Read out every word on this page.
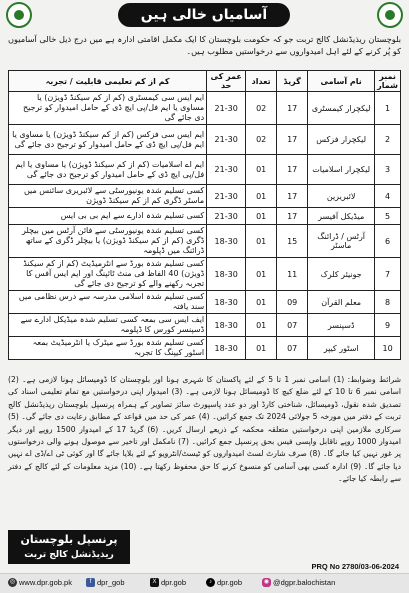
آسامیاں خالی ہیں
بلوچستان ریذیڈنشل کالج تربت جو کہ حکومت بلوچستان کا ایک مکمل اقامتی ادارہ ہے میں درج ذیل خالی آسامیوں کو پُر کرنے کے لئے اہل امیدواروں سے درخواستیں مطلوب ہیں۔
نمبر شمار	نام آسامی	گریڈ	تعداد	عمر کی حد	کم از کم تعلیمی قابلیت / تجربہ
1	لیکچرار کیمسٹری	17	02	21-30	ایم ایس سی کیمسٹری (کم از کم سیکنڈ ڈویژن) یا مساوی یا ایم فل/پی ایچ ڈی کے حامل امیدوار کو ترجیح دی جائے گی
2	لیکچرار فزکس	17	02	21-30	ایم ایس سی فزکس (کم از کم سیکنڈ ڈویژن) یا مساوی یا ایم فل/پی ایچ ڈی کے حامل امیدوار کو ترجیح دی جائے گی
3	لیکچرار اسلامیات	17	01	21-30	ایم اے اسلامیات (کم از کم سیکنڈ ڈویژن) یا مساوی یا ایم فل/پی ایچ ڈی کے حامل امیدوار کو ترجیح دی جائے گی
4	لائبریرین	17	01	21-30	کسی تسلیم شدہ یونیورسٹی سے لائبریری سائنس میں ماسٹر ڈگری کم از کم سیکنڈ ڈویژن
5	میڈیکل آفیسر	17	01	21-30	کسی تسلیم شدہ ادارے سے ایم بی بی ایس
6	آرٹس / ڈرائنگ ماسٹر	15	01	18-30	کسی تسلیم شدہ یونیورسٹی سے فائن آرٹس میں بیچلر ڈگری (کم از کم سیکنڈ ڈویژن) یا بیچلر ڈگری کے ساتھ ڈرائنگ میں ڈپلومہ
7	جونیئر کلرک	11	01	18-30	کسی تسلیم شدہ بورڈ سے انٹرمیڈیٹ (کم از کم سیکنڈ ڈویژن) 40 الفاظ فی منٹ ٹائپنگ اور ایم ایس آفس کا تجربہ رکھنے والے کو ترجیح دی جائے گی
8	معلم القرآن	09	01	18-30	کسی تسلیم شدہ اسلامی مدرسہ سے درس نظامی میں سند یافتہ
9	ڈسپنسر	07	01	18-30	ایف ایس سی بمعہ کسی تسلیم شدہ میڈیکل ادارے سے ڈسپنسر کورس کا ڈپلومہ
10	اسٹور کیپر	07	01	18-30	کسی تسلیم شدہ بورڈ سے میٹرک یا انٹرمیڈیٹ بمعہ اسٹور کیپنگ کا تجربہ
شرائط وضوابط: (1) اسامی نمبر 1 تا 5 کے لئے پاکستان کا شہری ہونا اور بلوچستان کا ڈومیسائل ہونا لازمی ہے۔ (2) اسامی نمبر 6 تا 10 کے لئے ضلع کیچ کا ڈومیسائل ہونا لازمی ہے۔ (3) امیدوار اپنی درخواستیں مع تمام تعلیمی اسناد کی تصدیق شدہ نقول، ڈومیسائل، شناختی کارڈ اور دو عدد پاسپورٹ سائز تصاویر کے ہمراہ پرنسپل بلوچستان ریذیڈنشل کالج تربت کے دفتر میں مورخہ 5 جولائی 2024 تک جمع کرائیں۔ (4) عمر کی حد میں قواعد کے مطابق رعایت دی جائے گی۔ (5) سرکاری ملازمین اپنی درخواستیں متعلقہ محکمہ کے ذریعے ارسال کریں۔ (6) گریڈ 17 کے امیدوار 1500 روپے اور دیگر امیدوار 1000 روپے ناقابل واپسی فیس بحق پرنسپل جمع کرائیں۔ (7) نامکمل اور تاخیر سے موصول ہونے والی درخواستوں پر غور نہیں کیا جائے گا۔ (8) صرف شارٹ لسٹ امیدواروں کو ٹیسٹ/انٹرویو کے لئے بلایا جائے گا اور کوئی ٹی اے/ڈی اے نہیں دیا جائے گا۔ (9) ادارہ کسی بھی آسامی کو منسوخ کرنے کا حق محفوظ رکھتا ہے۔ (10) مزید معلومات کے لئے کالج کے دفتر سے رابطہ کیا جائے۔
پرنسپل بلوچستان
ریذیڈنشل کالج تربت
PRQ No 2780/03-06-2024
◎ www.dpr.gob.pk	f dpr_gob	X dpr.gob	♪ dpr.gob	◉ @dgpr.balochistan
